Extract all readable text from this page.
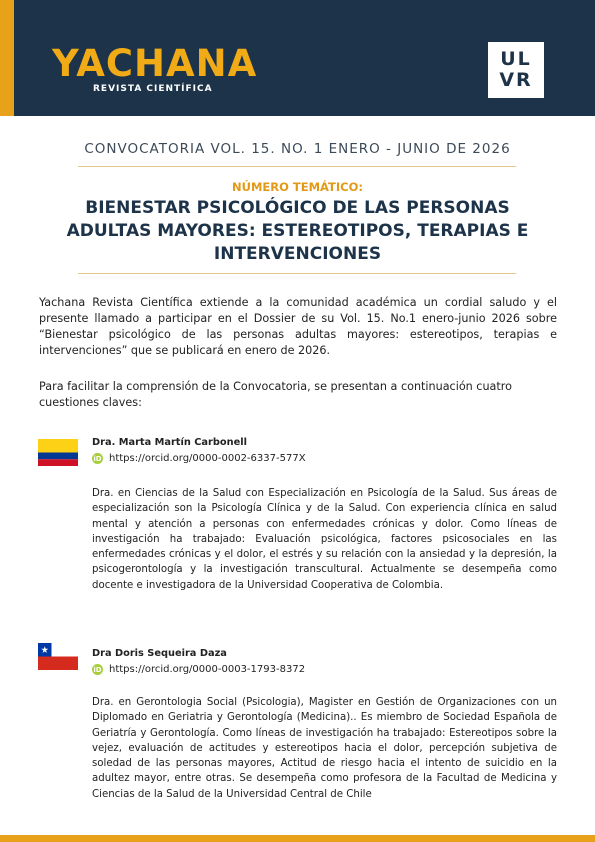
YACHANA
REVISTA CIENTÍFICA
UL
VR
CONVOCATORIA VOL. 15. NO. 1 ENERO - JUNIO DE 2026
NÚMERO TEMÁTICO:
BIENESTAR PSICOLÓGICO DE LAS PERSONAS ADULTAS MAYORES: ESTEREOTIPOS, TERAPIAS E INTERVENCIONES
Yachana Revista Científica extiende a la comunidad académica un cordial saludo y el presente llamado a participar en el Dossier de su Vol. 15. No.1 enero-junio 2026 sobre “Bienestar psicológico de las personas adultas mayores: estereotipos, terapias e intervenciones” que se publicará en enero de 2026.
Para facilitar la comprensión de la Convocatoria, se presentan a continuación cuatro cuestiones claves:
Dra. Marta Martín Carbonell
iD https://orcid.org/0000-0002-6337-577X
Dra. en Ciencias de la Salud con Especialización en Psicología de la Salud. Sus áreas de especialización son la Psicología Clínica y de la Salud. Con experiencia clínica en salud mental y atención a personas con enfermedades crónicas y dolor. Como líneas de investigación ha trabajado: Evaluación psicológica, factores psicosociales en las enfermedades crónicas y el dolor, el estrés y su relación con la ansiedad y la depresión, la psicogerontología y la investigación transcultural. Actualmente se desempeña como docente e investigadora de la Universidad Cooperativa de Colombia.
Dra Doris Sequeira Daza
iD https://orcid.org/0000-0003-1793-8372
Dra. en Gerontologia Social (Psicologia), Magister en Gestión de Organizaciones con un Diplomado en Geriatria y Gerontología (Medicina).. Es miembro de Sociedad Española de Geriatría y Gerontología. Como líneas de investigación ha trabajado: Estereotipos sobre la vejez, evaluación de actitudes y estereotipos hacia el dolor, percepción subjetiva de soledad de las personas mayores, Actitud de riesgo hacia el intento de suicidio en la adultez mayor, entre otras. Se desempeña como profesora de la Facultad de Medicina y Ciencias de la Salud de la Universidad Central de Chile
